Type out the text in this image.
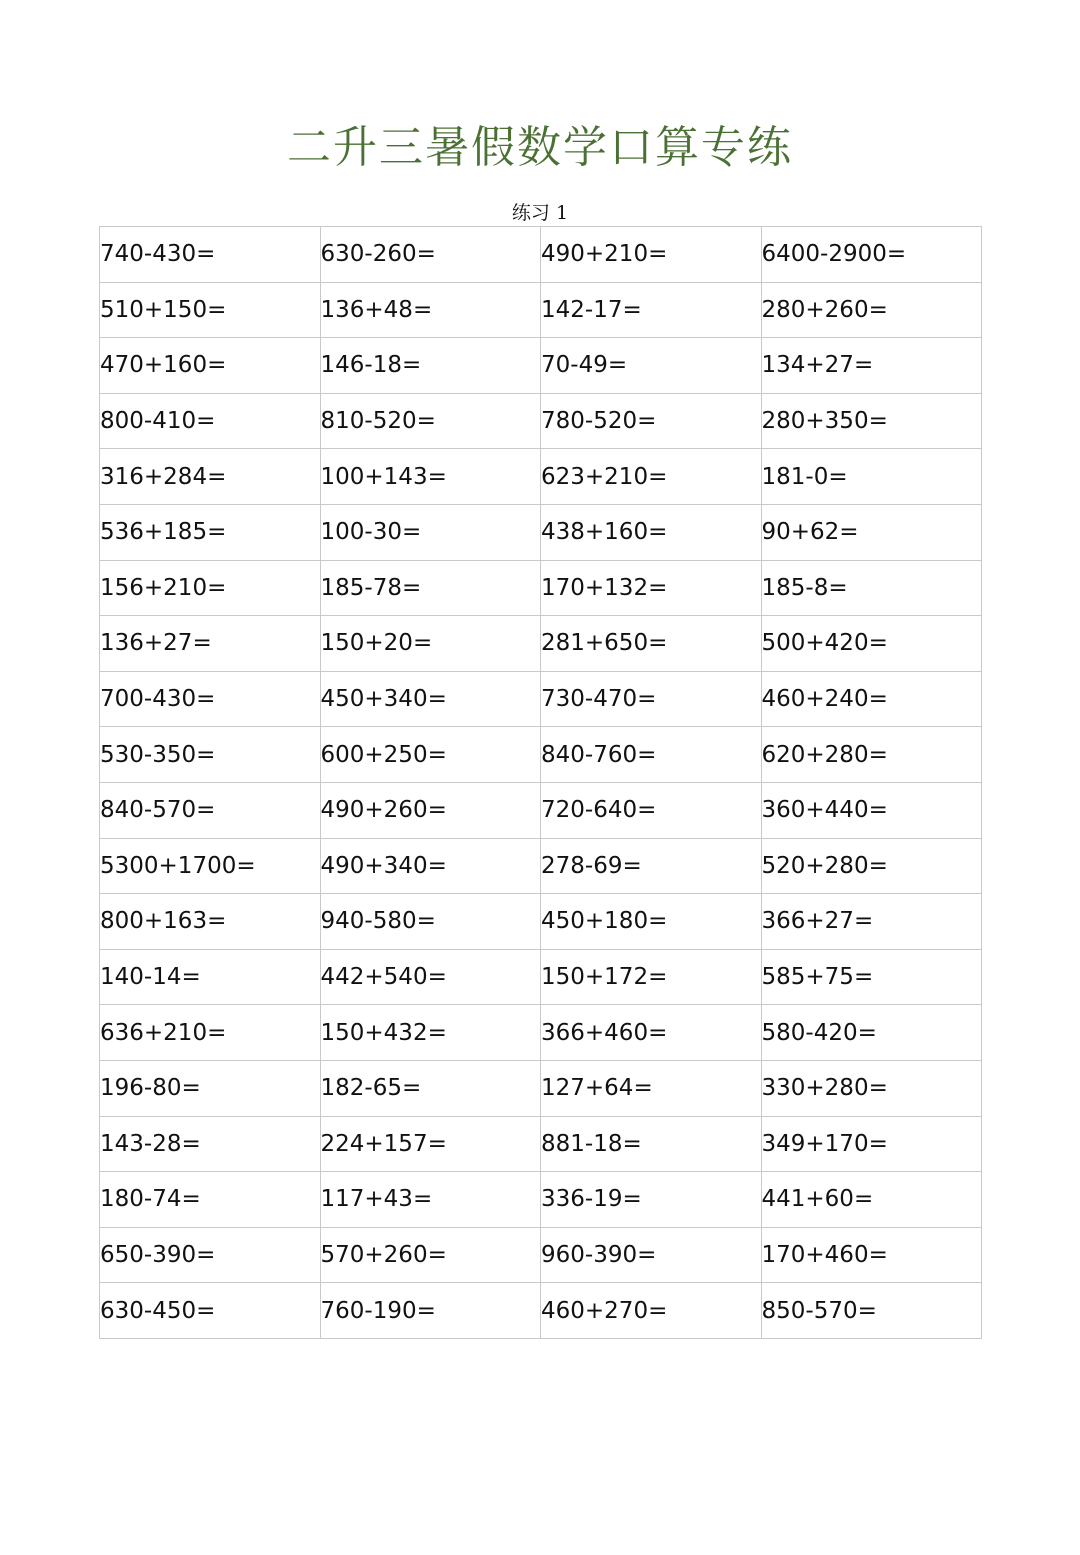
二升三暑假数学口算专练
练习 1
740-430=	630-260=	490+210=	6400-2900=
510+150=	136+48=	142-17=	280+260=
470+160=	146-18=	70-49=	134+27=
800-410=	810-520=	780-520=	280+350=
316+284=	100+143=	623+210=	181-0=
536+185=	100-30=	438+160=	90+62=
156+210=	185-78=	170+132=	185-8=
136+27=	150+20=	281+650=	500+420=
700-430=	450+340=	730-470=	460+240=
530-350=	600+250=	840-760=	620+280=
840-570=	490+260=	720-640=	360+440=
5300+1700=	490+340=	278-69=	520+280=
800+163=	940-580=	450+180=	366+27=
140-14=	442+540=	150+172=	585+75=
636+210=	150+432=	366+460=	580-420=
196-80=	182-65=	127+64=	330+280=
143-28=	224+157=	881-18=	349+170=
180-74=	117+43=	336-19=	441+60=
650-390=	570+260=	960-390=	170+460=
630-450=	760-190=	460+270=	850-570=
